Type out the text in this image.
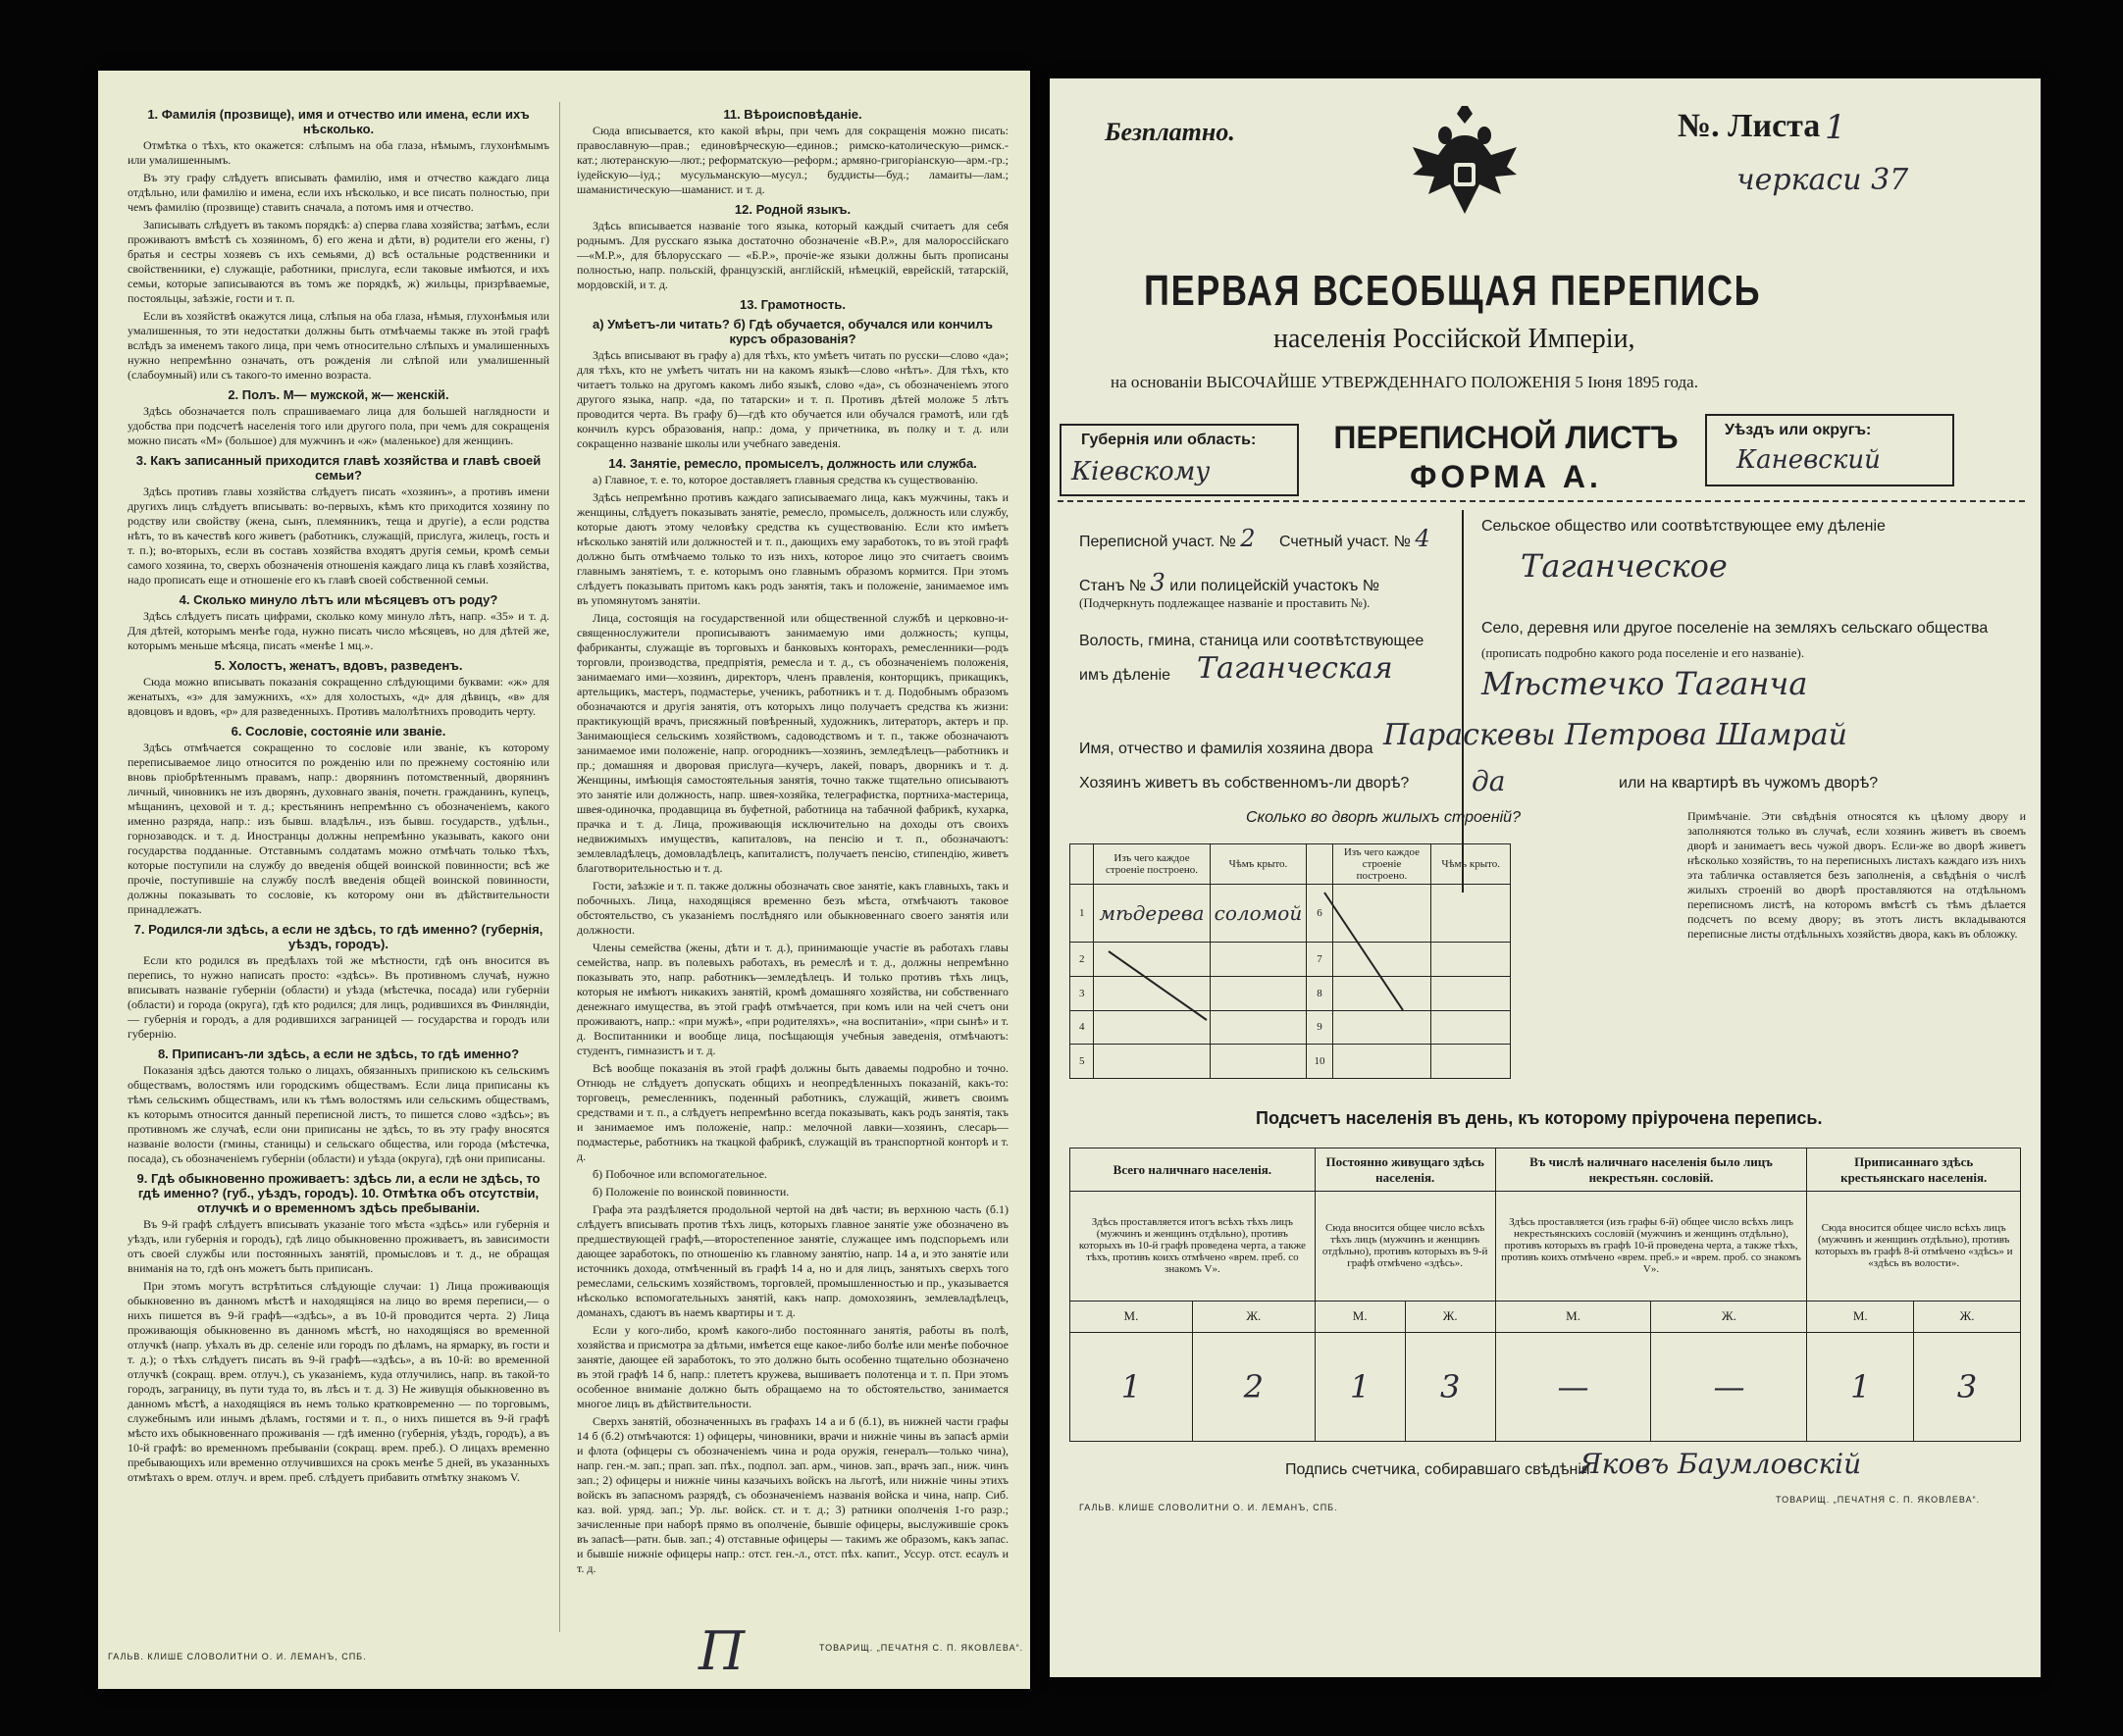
1. Фамилія (прозвище), имя и отчество или имена, если ихъ нѣсколько.

Отмѣтка о тѣхъ, кто окажется: слѣпымъ на оба глаза, нѣмымъ, глухонѣмымъ или умалишеннымъ.

Въ эту графу слѣдуетъ вписывать фамилію, имя и отчество каждаго лица отдѣльно, или фамилію и имена, если ихъ нѣсколько, и все писать полностью, при чемъ фамилію (прозвище) ставить сначала, а потомъ имя и отчество.

Записывать слѣдуетъ въ такомъ порядкѣ: а) сперва глава хозяйства; затѣмъ, если проживаютъ вмѣстѣ съ хозяиномъ, б) его жена и дѣти, в) родители его жены, г) братья и сестры хозяевъ съ ихъ семьями, д) всѣ остальные родственники и свойственники, е) служащіе, работники, прислуга, если таковые имѣются, и ихъ семьи, которые записываются въ томъ же порядкѣ, ж) жильцы, призрѣваемые, постояльцы, заѣзжіе, гости и т. п.

Если въ хозяйствѣ окажутся лица, слѣпыя на оба глаза, нѣмыя, глухонѣмыя или умалишенныя, то эти недостатки должны быть отмѣчаемы также въ этой графѣ вслѣдъ за именемъ такого лица, при чемъ относительно слѣпыхъ и умалишенныхъ нужно непремѣнно означать, отъ рожденія ли слѣпой или умалишенный (слабоумный) или съ такого-то именно возраста.

2. Полъ. М— мужской, ж— женскій.

Здѣсь обозначается полъ спрашиваемаго лица для большей наглядности и удобства при подсчетѣ населенія того или другого пола, при чемъ для сокращенія можно писать «М» (большое) для мужчинъ и «ж» (маленькое) для женщинъ.

3. Какъ записанный приходится главѣ хозяйства и главѣ своей семьи?

Здѣсь противъ главы хозяйства слѣдуетъ писать «хозяинъ», а противъ имени другихъ лицъ слѣдуетъ вписывать: во-первыхъ, кѣмъ кто приходится хозяину по родству или свойству (жена, сынъ, племянникъ, теща и другіе), а если родства нѣтъ, то въ качествѣ кого живетъ (работникъ, служащій, прислуга, жилецъ, гость и т. п.); во-вторыхъ, если въ составъ хозяйства входятъ другія семьи, кромѣ семьи самого хозяина, то, сверхъ обозначенія отношенія каждаго лица къ главѣ хозяйства, надо прописать еще и отношеніе его къ главѣ своей собственной семьи.

4. Сколько минуло лѣтъ или мѣсяцевъ отъ роду?

Здѣсь слѣдуетъ писать цифрами, сколько кому минуло лѣтъ, напр. «35» и т. д. Для дѣтей, которымъ менѣе года, нужно писать число мѣсяцевъ, но для дѣтей же, которымъ меньше мѣсяца, писать «менѣе 1 мц.».

5. Холостъ, женатъ, вдовъ, разведенъ.

Сюда можно вписывать показанія сокращенно слѣдующими буквами: «ж» для женатыхъ, «з» для замужнихъ, «х» для холостыхъ, «д» для дѣвицъ, «в» для вдовцовъ и вдовъ, «р» для разведенныхъ. Противъ малолѣтнихъ проводить черту.

6. Сословіе, состояніе или званіе.

Здѣсь отмѣчается сокращенно то сословіе или званіе, къ которому переписываемое лицо относится по рожденію или по прежнему состоянію или вновь пріобрѣтеннымъ правамъ, напр.: дворянинъ потомственный, дворянинъ личный, чиновникъ не изъ дворянъ, духовнаго званія, почетн. гражданинъ, купецъ, мѣщанинъ, цеховой и т. д.; крестьянинъ непремѣнно съ обозначеніемъ, какого именно разряда, напр.: изъ бывш. владѣльч., изъ бывш. государств., удѣльн., горнозаводск. и т. д. Иностранцы должны непремѣнно указывать, какого они государства подданные. Отставнымъ солдатамъ можно отмѣчать только тѣхъ, которые поступили на службу до введенія общей воинской повинности; всѣ же прочіе, поступившіе на службу послѣ введенія общей воинской повинности, должны показывать то сословіе, къ которому они въ дѣйствительности принадлежатъ.

7. Родился-ли здѣсь, а если не здѣсь, то гдѣ именно? (губернія, уѣздъ, городъ).

Если кто родился въ предѣлахъ той же мѣстности, гдѣ онъ вносится въ перепись, то нужно написать просто: «здѣсь». Въ противномъ случаѣ, нужно вписывать названіе губерніи (области) и уѣзда (мѣстечка, посада) или губерніи (области) и города (округа), гдѣ кто родился; для лицъ, родившихся въ Финляндіи,— губернія и городъ, а для родившихся заграницей — государства и городъ или губернію.

8. Приписанъ-ли здѣсь, а если не здѣсь, то гдѣ именно?

Показанія здѣсь даются только о лицахъ, обязанныхъ припискою къ сельскимъ обществамъ, волостямъ или городскимъ обществамъ. Если лица приписаны къ тѣмъ сельскимъ обществамъ, или къ тѣмъ волостямъ или сельскимъ обществамъ, къ которымъ относится данный переписной листъ, то пишется слово «здѣсь»; въ противномъ же случаѣ, если они приписаны не здѣсь, то въ эту графу вносятся названіе волости (гмины, станицы) и сельскаго общества, или города (мѣстечка, посада), съ обозначеніемъ губерніи (области) и уѣзда (округа), гдѣ они приписаны.

9. Гдѣ обыкновенно проживаетъ: здѣсь ли, а если не здѣсь, то гдѣ именно? (губ., уѣздъ, городъ). 10. Отмѣтка объ отсутствіи, отлучкѣ и о временномъ здѣсь пребываніи.

Въ 9-й графѣ слѣдуетъ вписывать указаніе того мѣста «здѣсь» или губернія и уѣздъ, или губернія и городъ), гдѣ лицо обыкновенно проживаетъ, въ зависимости отъ своей службы или постоянныхъ занятій, промысловъ и т. д., не обращая вниманія на то, гдѣ онъ можетъ быть приписанъ.

При этомъ могутъ встрѣтиться слѣдующіе случаи: 1) Лица проживающія обыкновенно въ данномъ мѣстѣ и находящіяся на лицо во время переписи,— о нихъ пишется въ 9-й графѣ—«здѣсь», а въ 10-й проводится черта. 2) Лица проживающія обыкновенно въ данномъ мѣстѣ, но находящіяся во временной отлучкѣ (напр. уѣхалъ въ др. селеніе или городъ по дѣламъ, на ярмарку, въ гости и т. д.); о тѣхъ слѣдуетъ писать въ 9-й графѣ—«здѣсь», а въ 10-й: во временной отлучкѣ (сокращ. врем. отлуч.), съ указаніемъ, куда отлучились, напр. въ такой-то городъ, заграницу, въ пути туда то, въ лѣсъ и т. д. 3) Не живущія обыкновенно въ данномъ мѣстѣ, а находящіяся въ немъ только кратковременно — по торговымъ, служебнымъ или инымъ дѣламъ, гостями и т. п., о нихъ пишется въ 9-й графѣ мѣсто ихъ обыкновеннаго проживанія — гдѣ именно (губернія, уѣздъ, городъ), а въ 10-й графѣ: во временномъ пребываніи (сокращ. врем. преб.). О лицахъ временно пребывающихъ или временно отлучившихся на срокъ менѣе 5 дней, въ указанныхъ отмѣтахъ о врем. отлуч. и врем. преб. слѣдуетъ прибавить отмѣтку знакомъ V.

11. Вѣроисповѣданіе.

Сюда вписывается, кто какой вѣры, при чемъ для сокращенія можно писать: православную—прав.; единовѣрческую—единов.; римско-католическую—римск.-кат.; лютеранскую—лют.; реформатскую—реформ.; армяно-григоріанскую—арм.-гр.; іудейскую—іуд.; мусульманскую—мусул.; буддисты—буд.; ламаиты—лам.; шаманистическую—шаманист. и т. д.

12. Родной языкъ.

Здѣсь вписывается названіе того языка, который каждый считаетъ для себя роднымъ. Для русскаго языка достаточно обозначеніе «В.Р.», для малороссійскаго—«М.Р.», для бѣлорусскаго — «Б.Р.», прочіе-же языки должны быть прописаны полностью, напр. польскій, французскій, англійскій, нѣмецкій, еврейскій, татарскій, мордовскій, и т. д.

13. Грамотность.
а) Умѣетъ-ли читать? б) Гдѣ обучается, обучался или кончилъ курсъ образованія?

Здѣсь вписывают въ графу а) для тѣхъ, кто умѣетъ читать по русски—слово «да»; для тѣхъ, кто не умѣетъ читать ни на какомъ языкѣ—слово «нѣтъ». Для тѣхъ, кто читаетъ только на другомъ какомъ либо языкѣ, слово «да», съ обозначеніемъ этого другого языка, напр. «да, по татарски» и т. п. Противъ дѣтей моложе 5 лѣтъ проводится черта. Въ графу б)—гдѣ кто обучается или обучался грамотѣ, или гдѣ кончилъ курсъ образованія, напр.: дома, у причетника, въ полку и т. д. или сокращенно названіе школы или учебнаго заведенія.

14. Занятіе, ремесло, промыселъ, должность или служба.

а) Главное, т. е. то, которое доставляетъ главныя средства къ существованію.

Здѣсь непремѣнно противъ каждаго записываемаго лица, какъ мужчины, такъ и женщины, слѣдуетъ показывать занятіе, ремесло, промыселъ, должность или службу, которые даютъ этому человѣку средства къ существованію. Если кто имѣетъ нѣсколько занятій или должностей и т. п., дающихъ ему заработокъ, то въ этой графѣ должно быть отмѣчаемо только то изъ нихъ, которое лицо это считаетъ своимъ главнымъ занятіемъ, т. е. которымъ оно главнымъ образомъ кормится. При этомъ слѣдуетъ показывать притомъ какъ родъ занятія, такъ и положеніе, занимаемое имъ въ упомянутомъ занятіи.

Лица, состоящія на государственной или общественной службѣ и церковно-и-священнослужители прописываютъ занимаемую ими должность; купцы, фабриканты, служащіе въ торговыхъ и банковыхъ конторахъ, ремесленники—родъ торговли, производства, предпріятія, ремесла и т. д., съ обозначеніемъ положенія, занимаемаго ими—хозяинъ, директоръ, членъ правленія, конторщикъ, прикащикъ, артельщикъ, мастеръ, подмастерье, ученикъ, работникъ и т. д. Подобнымъ образомъ обозначаются и другія занятія, отъ которыхъ лицо получаетъ средства къ жизни: практикующій врачъ, присяжный повѣренный, художникъ, литераторъ, актеръ и пр. Занимающіеся сельскимъ хозяйствомъ, садоводствомъ и т. п., также обозначаютъ занимаемое ими положеніе, напр. огородникъ—хозяинъ, земледѣлецъ—работникъ и пр.; домашняя и дворовая прислуга—кучеръ, лакей, поваръ, дворникъ и т. д. Женщины, имѣющія самостоятельныя занятія, точно также тщательно описываютъ это занятіе или должность, напр. швея-хозяйка, телеграфистка, портниха-мастерица, швея-одиночка, продавщица въ буфетной, работница на табачной фабрикѣ, кухарка, прачка и т. д. Лица, проживающія исключительно на доходы отъ своихъ недвижимыхъ имуществъ, капиталовъ, на пенсію и т. п., обозначаютъ: землевладѣлецъ, домовладѣлецъ, капиталистъ, получаетъ пенсію, стипендію, живетъ благотворительностью и т. д.

Гости, заѣзжіе и т. п. также должны обозначать свое занятіе, какъ главныхъ, такъ и побочныхъ. Лица, находящіяся временно безъ мѣста, отмѣчаютъ таковое обстоятельство, съ указаніемъ послѣдняго или обыкновеннаго своего занятія или должности.

Члены семейства (жены, дѣти и т. д.), принимающіе участіе въ работахъ главы семейства, напр. въ полевыхъ работахъ, въ ремеслѣ и т. д., должны непремѣнно показывать это, напр. работникъ—земледѣлецъ. И только противъ тѣхъ лицъ, которыя не имѣютъ никакихъ занятій, кромѣ домашняго хозяйства, ни собственнаго денежнаго имущества, въ этой графѣ отмѣчается, при комъ или на чей счетъ они проживаютъ, напр.: «при мужѣ», «при родителяхъ», «на воспитаніи», «при сынѣ» и т. д. Воспитанники и вообще лица, посѣщающія учебныя заведенія, отмѣчаютъ: студентъ, гимназистъ и т. д.

Всѣ вообще показанія въ этой графѣ должны быть даваемы подробно и точно. Отнюдь не слѣдуетъ допускать общихъ и неопредѣленныхъ показаній, какъ-то: торговецъ, ремесленникъ, поденный работникъ, служащій, живетъ своимъ средствами и т. п., а слѣдуетъ непремѣнно всегда показывать, какъ родъ занятія, такъ и занимаемое имъ положеніе, напр.: мелочной лавки—хозяинъ, слесарь—подмастерье, работникъ на ткацкой фабрикѣ, служащій въ транспортной конторѣ и т. д.

б) Побочное или вспомогательное.

б) Положеніе по воинской повинности.

Графа эта раздѣляется продольной чертой на двѣ части; въ верхнюю часть (б.1) слѣдуетъ вписывать против тѣхъ лицъ, которыхъ главное занятіе уже обозначено въ предшествующей графѣ,—второстепенное занятіе, служащее имъ подспорьемъ или дающее заработокъ, по отношенію къ главному занятію, напр. 14 а, и это занятіе или источникъ дохода, отмѣченный въ графѣ 14 а, но и для лицъ, занятыхъ сверхъ того ремеслами, сельскимъ хозяйствомъ, торговлей, промышленностью и пр., указывается нѣсколько вспомогательныхъ занятій, какъ напр. домохозяинъ, землевладѣлецъ, доманахъ, сдаютъ въ наемъ квартиры и т. д.

Если у кого-либо, кромѣ какого-либо постояннаго занятія, работы въ полѣ, хозяйства и присмотра за дѣтьми, имѣется еще какое-либо болѣе или менѣе побочное занятіе, дающее ей заработокъ, то это должно быть особенно тщательно обозначено въ этой графѣ 14 б, напр.: плететъ кружева, вышиваетъ полотенца и т. п. При этомъ особенное вниманіе должно быть обращаемо на то обстоятельство, занимается многое лицъ въ дѣйствительности.

Сверхъ занятій, обозначенныхъ въ графахъ 14 а и б (б.1), въ нижней части графы 14 б (б.2) отмѣчаются: 1) офицеры, чиновники, врачи и нижніе чины въ запасѣ арміи и флота (офицеры съ обозначеніемъ чина и рода оружія, генералъ—только чина), напр. ген.-м. зап.; прап. зап. пѣх., подпол. зап. арм., чинов. зап., врачъ зап., ниж. чинъ зап.; 2) офицеры и нижніе чины казачьихъ войскъ на льготѣ, или нижніе чины этихъ войскъ въ запасномъ разрядѣ, съ обозначеніемъ названія войска и чина, напр. Сиб. каз. вой. уряд. зап.; Ур. льг. войск. ст. и т. д.; 3) ратники ополченія 1-го разр.; зачисленные при наборѣ прямо въ ополченіе, бывшіе офицеры, выслужившіе срокъ въ запасѣ—ратн. быв. зап.; 4) отставные офицеры — такимъ же образомъ, какъ запас. и бывшіе нижніе офицеры напр.: отст. ген.-л., отст. пѣх. капит., Уссур. отст. есаулъ и т. д.

ГАЛЬВ. КЛИШЕ СЛОВОЛИТНИ О. И. ЛЕМАНЪ, СПБ.
ТОВАРИЩ. „ПЕЧАТНЯ С. П. ЯКОВЛЕВА“.
П
Безплатно.	№. Листа 1
черкаси 37
ПЕРВАЯ ВСЕОБЩАЯ ПЕРЕПИСЬ
населенія Россійской Имперіи,
на основаніи ВЫСОЧАЙШЕ УТВЕРЖДЕННАГО ПОЛОЖЕНІЯ 5 Іюня 1895 года.
Губернія или область:
Кіевскому
ПЕРЕПИСНОЙ ЛИСТЪ
ФОРМА А.
Уѣздъ или округъ:
Каневский
Переписной участ. № 2 Счетный участ. № 4
Станъ № 3 или полицейскій участокъ №
(Подчеркнуть подлежащее названіе и проставить №).
Волость, гмина, станица или соотвѣтствующее
имъ дѣленіе Таганческая
Сельское общество или соотвѣтствующее ему дѣленіе
Таганческое
Село, деревня или другое поселеніе на земляхъ сельскаго общества
(прописать подробно какого рода поселеніе и его названіе).
Мѣстечко Таганча
Имя, отчество и фамилія хозяина двора Параскевы Петрова Шамрай
Хозяинъ живетъ въ собственномъ-ли дворѣ? да	или на квартирѣ въ чужомъ дворѣ?
Сколько во дворѣ жилыхъ строеній?
	Изъ чего каждое строеніе построено.	Чѣмъ крыто.		Изъ чего каждое строеніе построено.	Чѣмъ крыто.
1	мѣдерева	соломой	6		
2			7		
3			8		
4			9		
5			10		
Примѣчаніе. Эти свѣдѣнія относятся къ цѣлому двору и заполняются только въ случаѣ, если хозяинъ живетъ въ своемъ дворѣ и занимаетъ весь чужой дворъ. Если-же во дворѣ живетъ нѣсколько хозяйствъ, то на переписныхъ листахъ каждаго изъ нихъ эта табличка оставляется безъ заполненія, а свѣдѣнія о числѣ жилыхъ строеній во дворѣ проставляются на отдѣльномъ переписномъ листѣ, на которомъ вмѣстѣ съ тѣмъ дѣлается подсчетъ по всему двору; въ этотъ листъ вкладываются переписные листы отдѣльныхъ хозяйствъ двора, какъ въ обложку.
Подсчетъ населенія въ день, къ которому пріурочена перепись.
Всего наличнаго населенія.		Постоянно живущаго здѣсь населенія.		Въ числѣ наличнаго населенія было лицъ некрестьян. сословій.		Приписаннаго здѣсь крестьянскаго населенія.	
Здѣсь проставляется итогъ всѣхъ тѣхъ лицъ (мужчинъ и женщинъ отдѣльно), противъ которыхъ въ 10-й графѣ проведена черта, а также тѣхъ, противъ коихъ отмѣчено «врем. преб. со знакомъ V».		Сюда вносится общее число всѣхъ тѣхъ лицъ (мужчинъ и женщинъ отдѣльно), противъ которыхъ въ 9-й графѣ отмѣчено «здѣсь».		Здѣсь проставляется (изъ графы 6-й) общее число всѣхъ лицъ некрестьянскихъ сословій (мужчинъ и женщинъ отдѣльно), противъ которыхъ въ графѣ 10-й проведена черта, а также тѣхъ, противъ коихъ отмѣчено «врем. преб.» и «врем. проб. со знакомъ V».		Сюда вносится общее число всѣхъ лицъ (мужчинъ и женщинъ отдѣльно), противъ которыхъ въ графѣ 8-й отмѣчено «здѣсь» и «здѣсь въ волости».	
М.	Ж.	М.	Ж.	М.	Ж.	М.	Ж.
1	2	1	3	—	—	1	3
Подпись счетчика, собиравшаго свѣдѣнія
Яковъ Баумловскій
ГАЛЬВ. КЛИШЕ СЛОВОЛИТНИ О. И. ЛЕМАНЪ, СПБ.
ТОВАРИЩ. „ПЕЧАТНЯ С. П. ЯКОВЛЕВА“.
